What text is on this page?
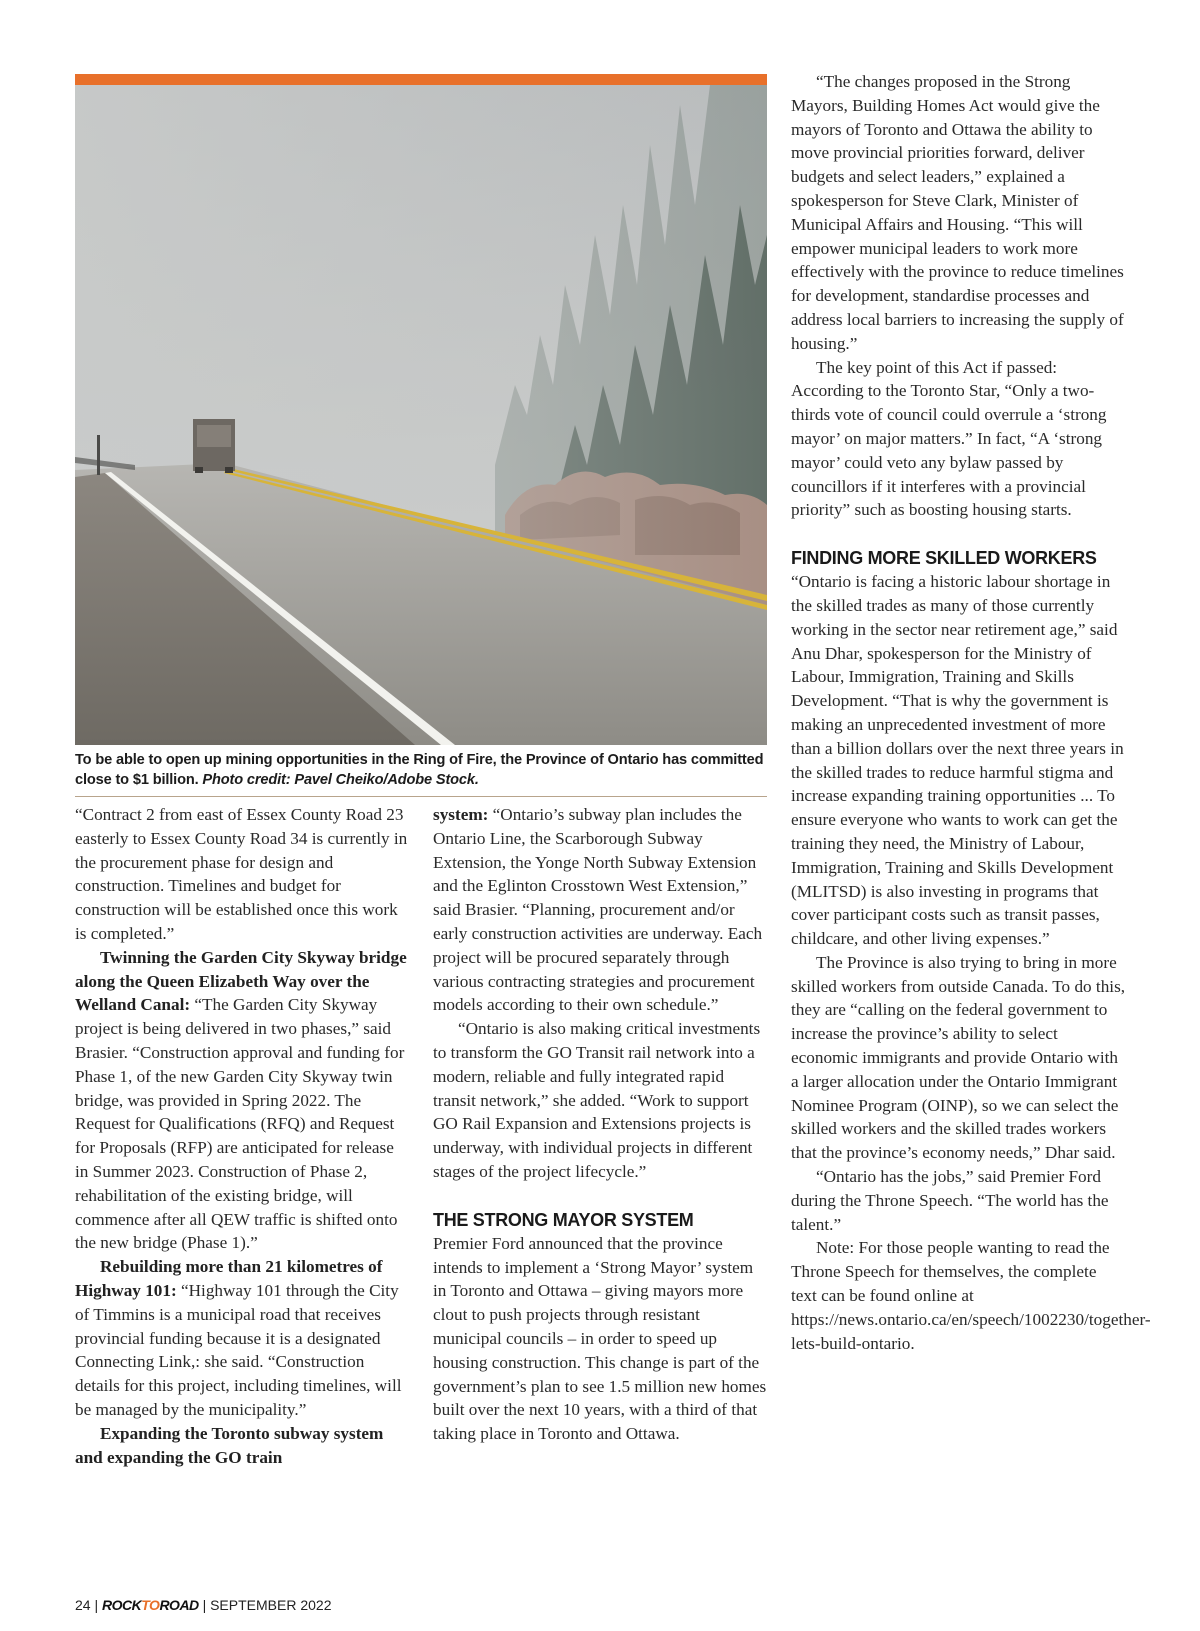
To be able to open up mining opportunities in the Ring of Fire, the Province of Ontario has committed close to $1 billion. Photo credit: Pavel Cheiko/Adobe Stock.

“Contract 2 from east of Essex County Road 23 easterly to Essex County Road 34 is currently in the procurement phase for design and construction. Timelines and budget for construction will be established once this work is completed.”

Twinning the Garden City Skyway bridge along the Queen Elizabeth Way over the Welland Canal: “The Garden City Skyway project is being delivered in two phases,” said Brasier. “Construction approval and funding for Phase 1, of the new Garden City Skyway twin bridge, was provided in Spring 2022. The Request for Qualifications (RFQ) and Request for Proposals (RFP) are anticipated for release in Summer 2023. Construction of Phase 2, rehabilitation of the existing bridge, will commence after all QEW traffic is shifted onto the new bridge (Phase 1).”

Rebuilding more than 21 kilometres of Highway 101: “Highway 101 through the City of Timmins is a municipal road that receives provincial funding because it is a designated Connecting Link,: she said. “Construction details for this project, including timelines, will be managed by the municipality.”

Expanding the Toronto subway system and expanding the GO train

system: “Ontario’s subway plan includes the Ontario Line, the Scarborough Subway Extension, the Yonge North Subway Extension and the Eglinton Crosstown West Extension,” said Brasier. “Planning, procurement and/or early construction activities are underway. Each project will be procured separately through various contracting strategies and procurement models according to their own schedule.”

“Ontario is also making critical investments to transform the GO Transit rail network into a modern, reliable and fully integrated rapid transit network,” she added. “Work to support GO Rail Expansion and Extensions projects is underway, with individual projects in different stages of the project lifecycle.”

THE STRONG MAYOR SYSTEM

Premier Ford announced that the province intends to implement a ‘Strong Mayor’ system in Toronto and Ottawa – giving mayors more clout to push projects through resistant municipal councils – in order to speed up housing construction. This change is part of the government’s plan to see 1.5 million new homes built over the next 10 years, with a third of that taking place in Toronto and Ottawa.

“The changes proposed in the Strong Mayors, Building Homes Act would give the mayors of Toronto and Ottawa the ability to move provincial priorities forward, deliver budgets and select leaders,” explained a spokesperson for Steve Clark, Minister of Municipal Affairs and Housing. “This will empower municipal leaders to work more effectively with the province to reduce timelines for development, standardise processes and address local barriers to increasing the supply of housing.”

The key point of this Act if passed: According to the Toronto Star, “Only a two-thirds vote of council could overrule a ‘strong mayor’ on major matters.” In fact, “A ‘strong mayor’ could veto any bylaw passed by councillors if it interferes with a provincial priority” such as boosting housing starts.

FINDING MORE SKILLED WORKERS

“Ontario is facing a historic labour shortage in the skilled trades as many of those currently working in the sector near retirement age,” said Anu Dhar, spokesperson for the Ministry of Labour, Immigration, Training and Skills Development. “That is why the government is making an unprecedented investment of more than a billion dollars over the next three years in the skilled trades to reduce harmful stigma and increase expanding training opportunities ... To ensure everyone who wants to work can get the training they need, the Ministry of Labour, Immigration, Training and Skills Development (MLITSD) is also investing in programs that cover participant costs such as transit passes, childcare, and other living expenses.”

The Province is also trying to bring in more skilled workers from outside Canada. To do this, they are “calling on the federal government to increase the province’s ability to select economic immigrants and provide Ontario with a larger allocation under the Ontario Immigrant Nominee Program (OINP), so we can select the skilled workers and the skilled trades workers that the province’s economy needs,” Dhar said.

“Ontario has the jobs,” said Premier Ford during the Throne Speech. “The world has the talent.”

Note: For those people wanting to read the Throne Speech for themselves, the complete text can be found online at https://news.ontario.ca/en/speech/1002230/together-lets-build-ontario.

24 | ROCKTOROAD | SEPTEMBER 2022
